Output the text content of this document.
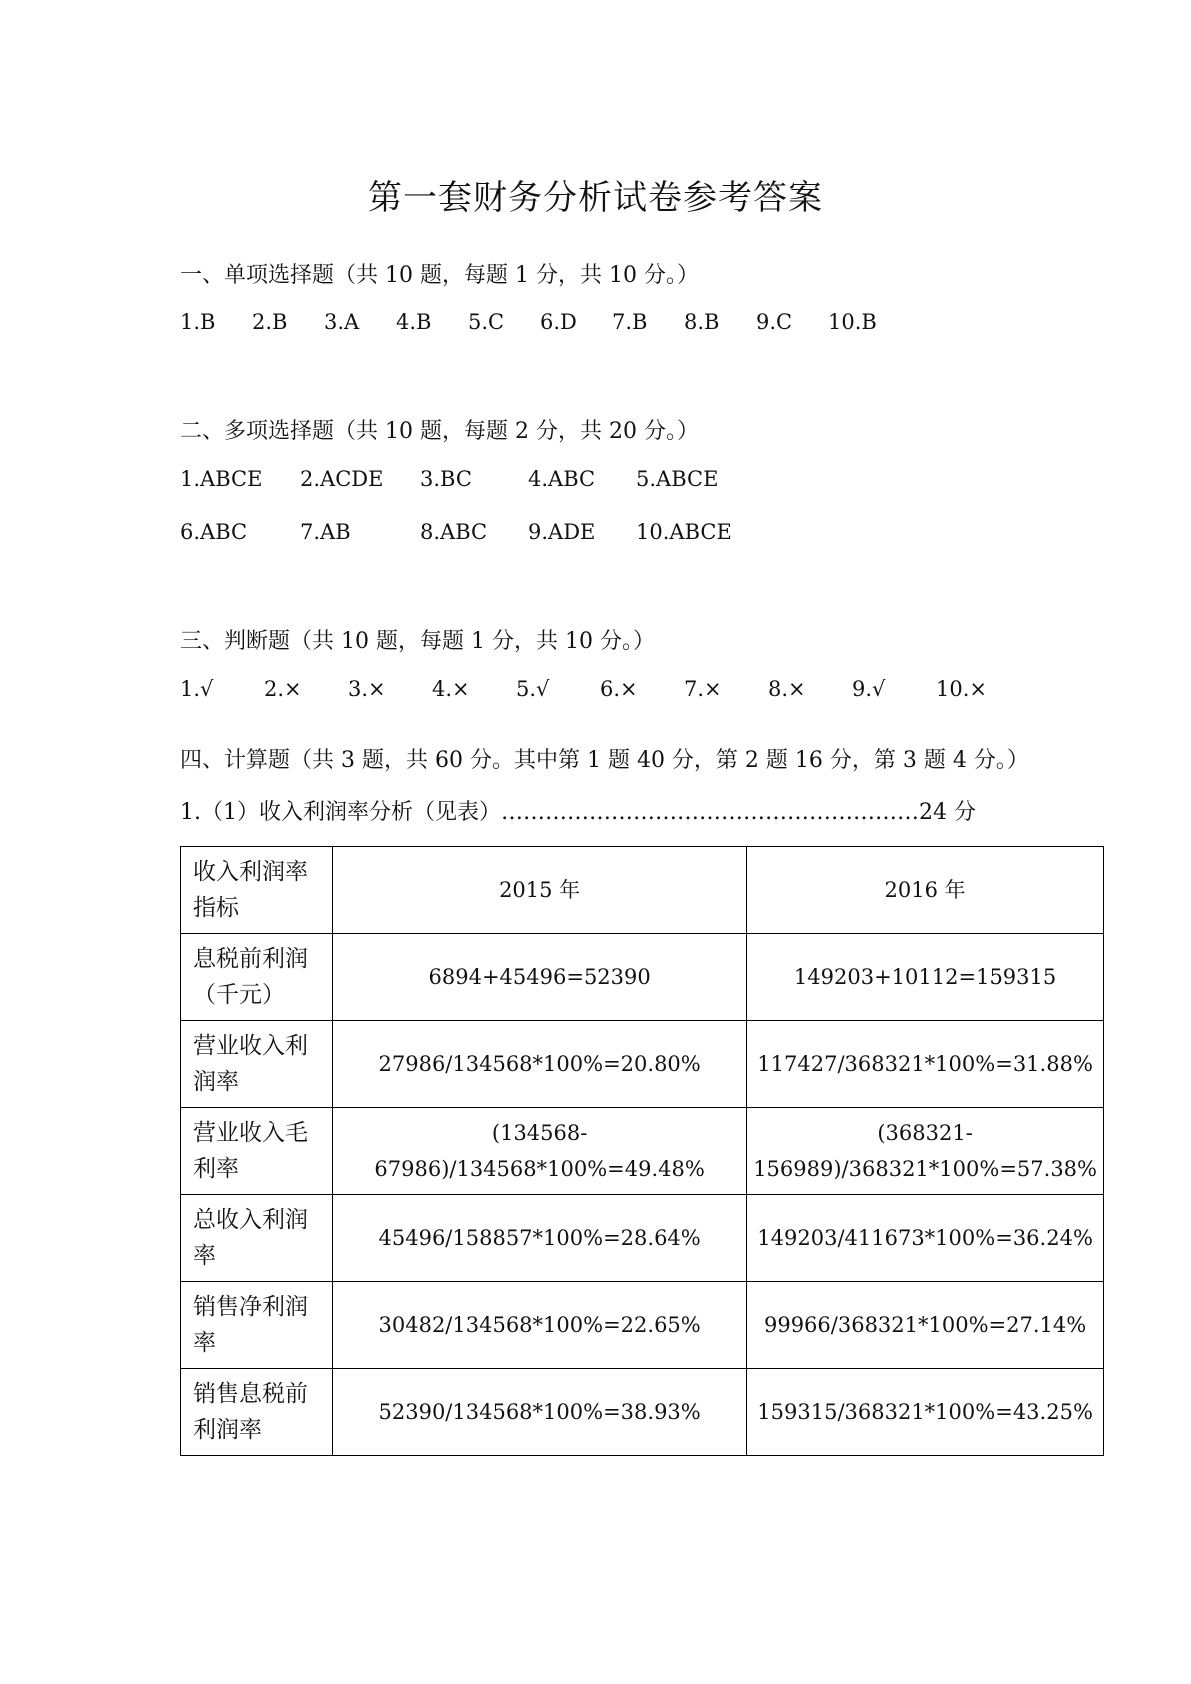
第一套财务分析试卷参考答案
一、单项选择题（共 10 题，每题 1 分，共 10 分。）
1.B 2.B 3.A 4.B 5.C 6.D 7.B 8.B 9.C 10.B
二、多项选择题（共 10 题，每题 2 分，共 20 分。）
1.ABCE 2.ACDE 3.BC	4.ABC 5.ABCE
6.ABC	7.AB	8.ABC 9.ADE 10.ABCE
三、判断题（共 10 题，每题 1 分，共 10 分。）
1.√ 2.× 3.× 4.× 5.√ 6.× 7.× 8.× 9.√ 10.×
四、计算题（共 3 题，共 60 分。其中第 1 题 40 分，第 2 题 16 分，第 3 题 4 分。）
1.（1）收入利润率分析（见表）…………………………………………………24 分
收入利润率指标	2015 年	2016 年
息税前利润（千元）	6894+45496=52390	149203+10112=159315
营业收入利润率	27986/134568*100%=20.80%	117427/368321*100%=31.88%
营业收入毛利率	(134568-67986)/134568*100%=49.48%	(368321-156989)/368321*100%=57.38%
总收入利润率	45496/158857*100%=28.64%	149203/411673*100%=36.24%
销售净利润率	30482/134568*100%=22.65%	99966/368321*100%=27.14%
销售息税前利润率	52390/134568*100%=38.93%	159315/368321*100%=43.25%
